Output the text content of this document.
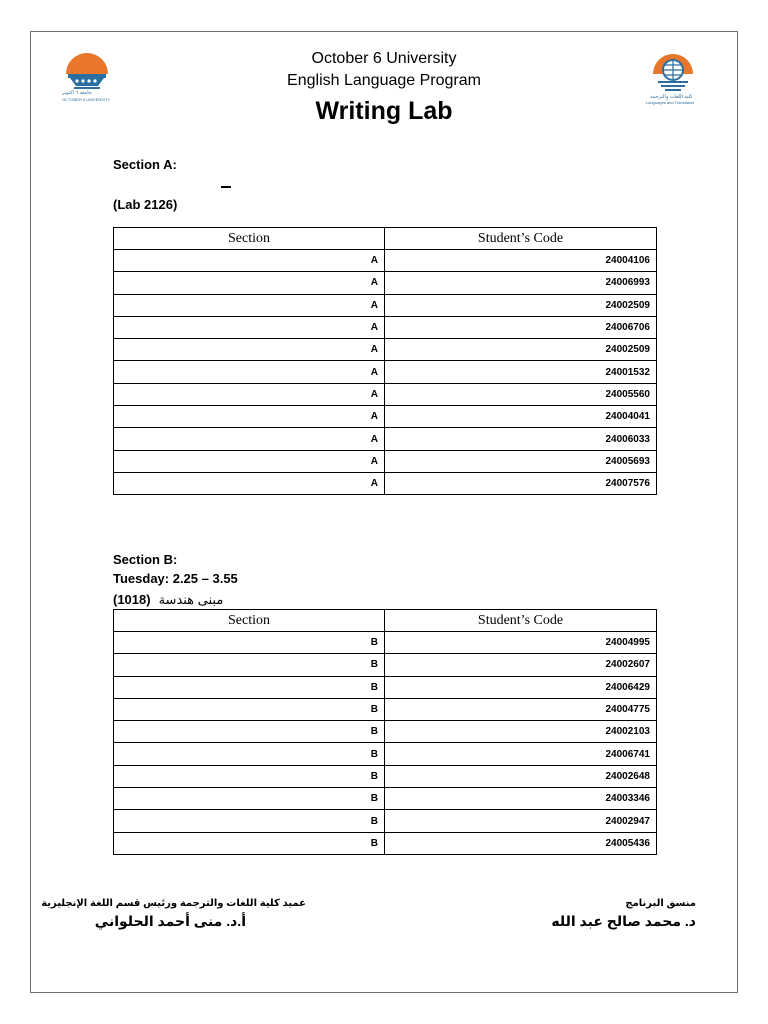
جامعة ٦ أكتوبر
OCTOBER 6 UNIVERSITY	كلية اللغات والترجمة
Languages and Translation
October 6 University
English Language Program
Writing Lab
Section A:
(Lab 2126)
Section	Student’s Code
A	24004106
A	24006993
A	24002509
A	24006706
A	24002509
A	24001532
A	24005560
A	24004041
A	24006033
A	24005693
A	24007576
Section B:
Tuesday: 2.25 – 3.55
(1018) مبنى هندسة
Section	Student’s Code
B	24004995
B	24002607
B	24006429
B	24004775
B	24002103
B	24006741
B	24002648
B	24003346
B	24002947
B	24005436
عميد كلية اللغات والترجمة ورئيس قسم اللغة الإنجليزية
أ.د. منى أحمد الحلواني
منسق البرنامج
د. محمد صالح عبد الله
